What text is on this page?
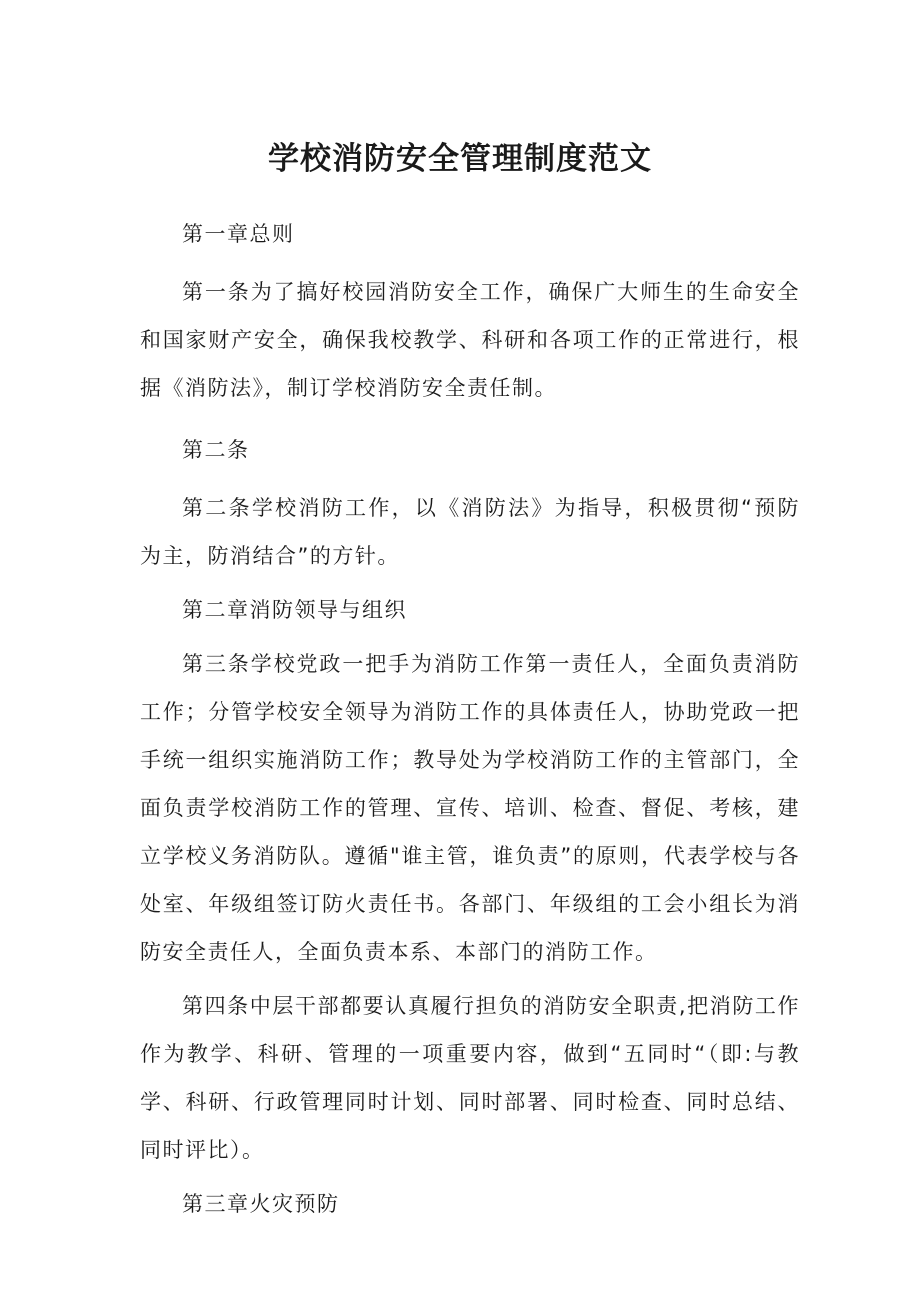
学校消防安全管理制度范文

第一章总则

第一条为了搞好校园消防安全工作，确保广大师生的生命安全和国家财产安全，确保我校教学、科研和各项工作的正常进行，根据《消防法》，制订学校消防安全责任制。

第二条

第二条学校消防工作，以《消防法》为指导，积极贯彻“预防为主，防消结合”的方针。

第二章消防领导与组织

第三条学校党政一把手为消防工作第一责任人，全面负责消防工作；分管学校安全领导为消防工作的具体责任人，协助党政一把手统一组织实施消防工作；教导处为学校消防工作的主管部门，全面负责学校消防工作的管理、宣传、培训、检查、督促、考核，建立学校义务消防队。遵循"谁主管，谁负责”的原则，代表学校与各处室、年级组签订防火责任书。各部门、年级组的工会小组长为消防安全责任人，全面负责本系、本部门的消防工作。

第四条中层干部都要认真履行担负的消防安全职责,把消防工作作为教学、科研、管理的一项重要内容，做到“五同时“（即:与教学、科研、行政管理同时计划、同时部署、同时检查、同时总结、同时评比）。

第三章火灾预防
